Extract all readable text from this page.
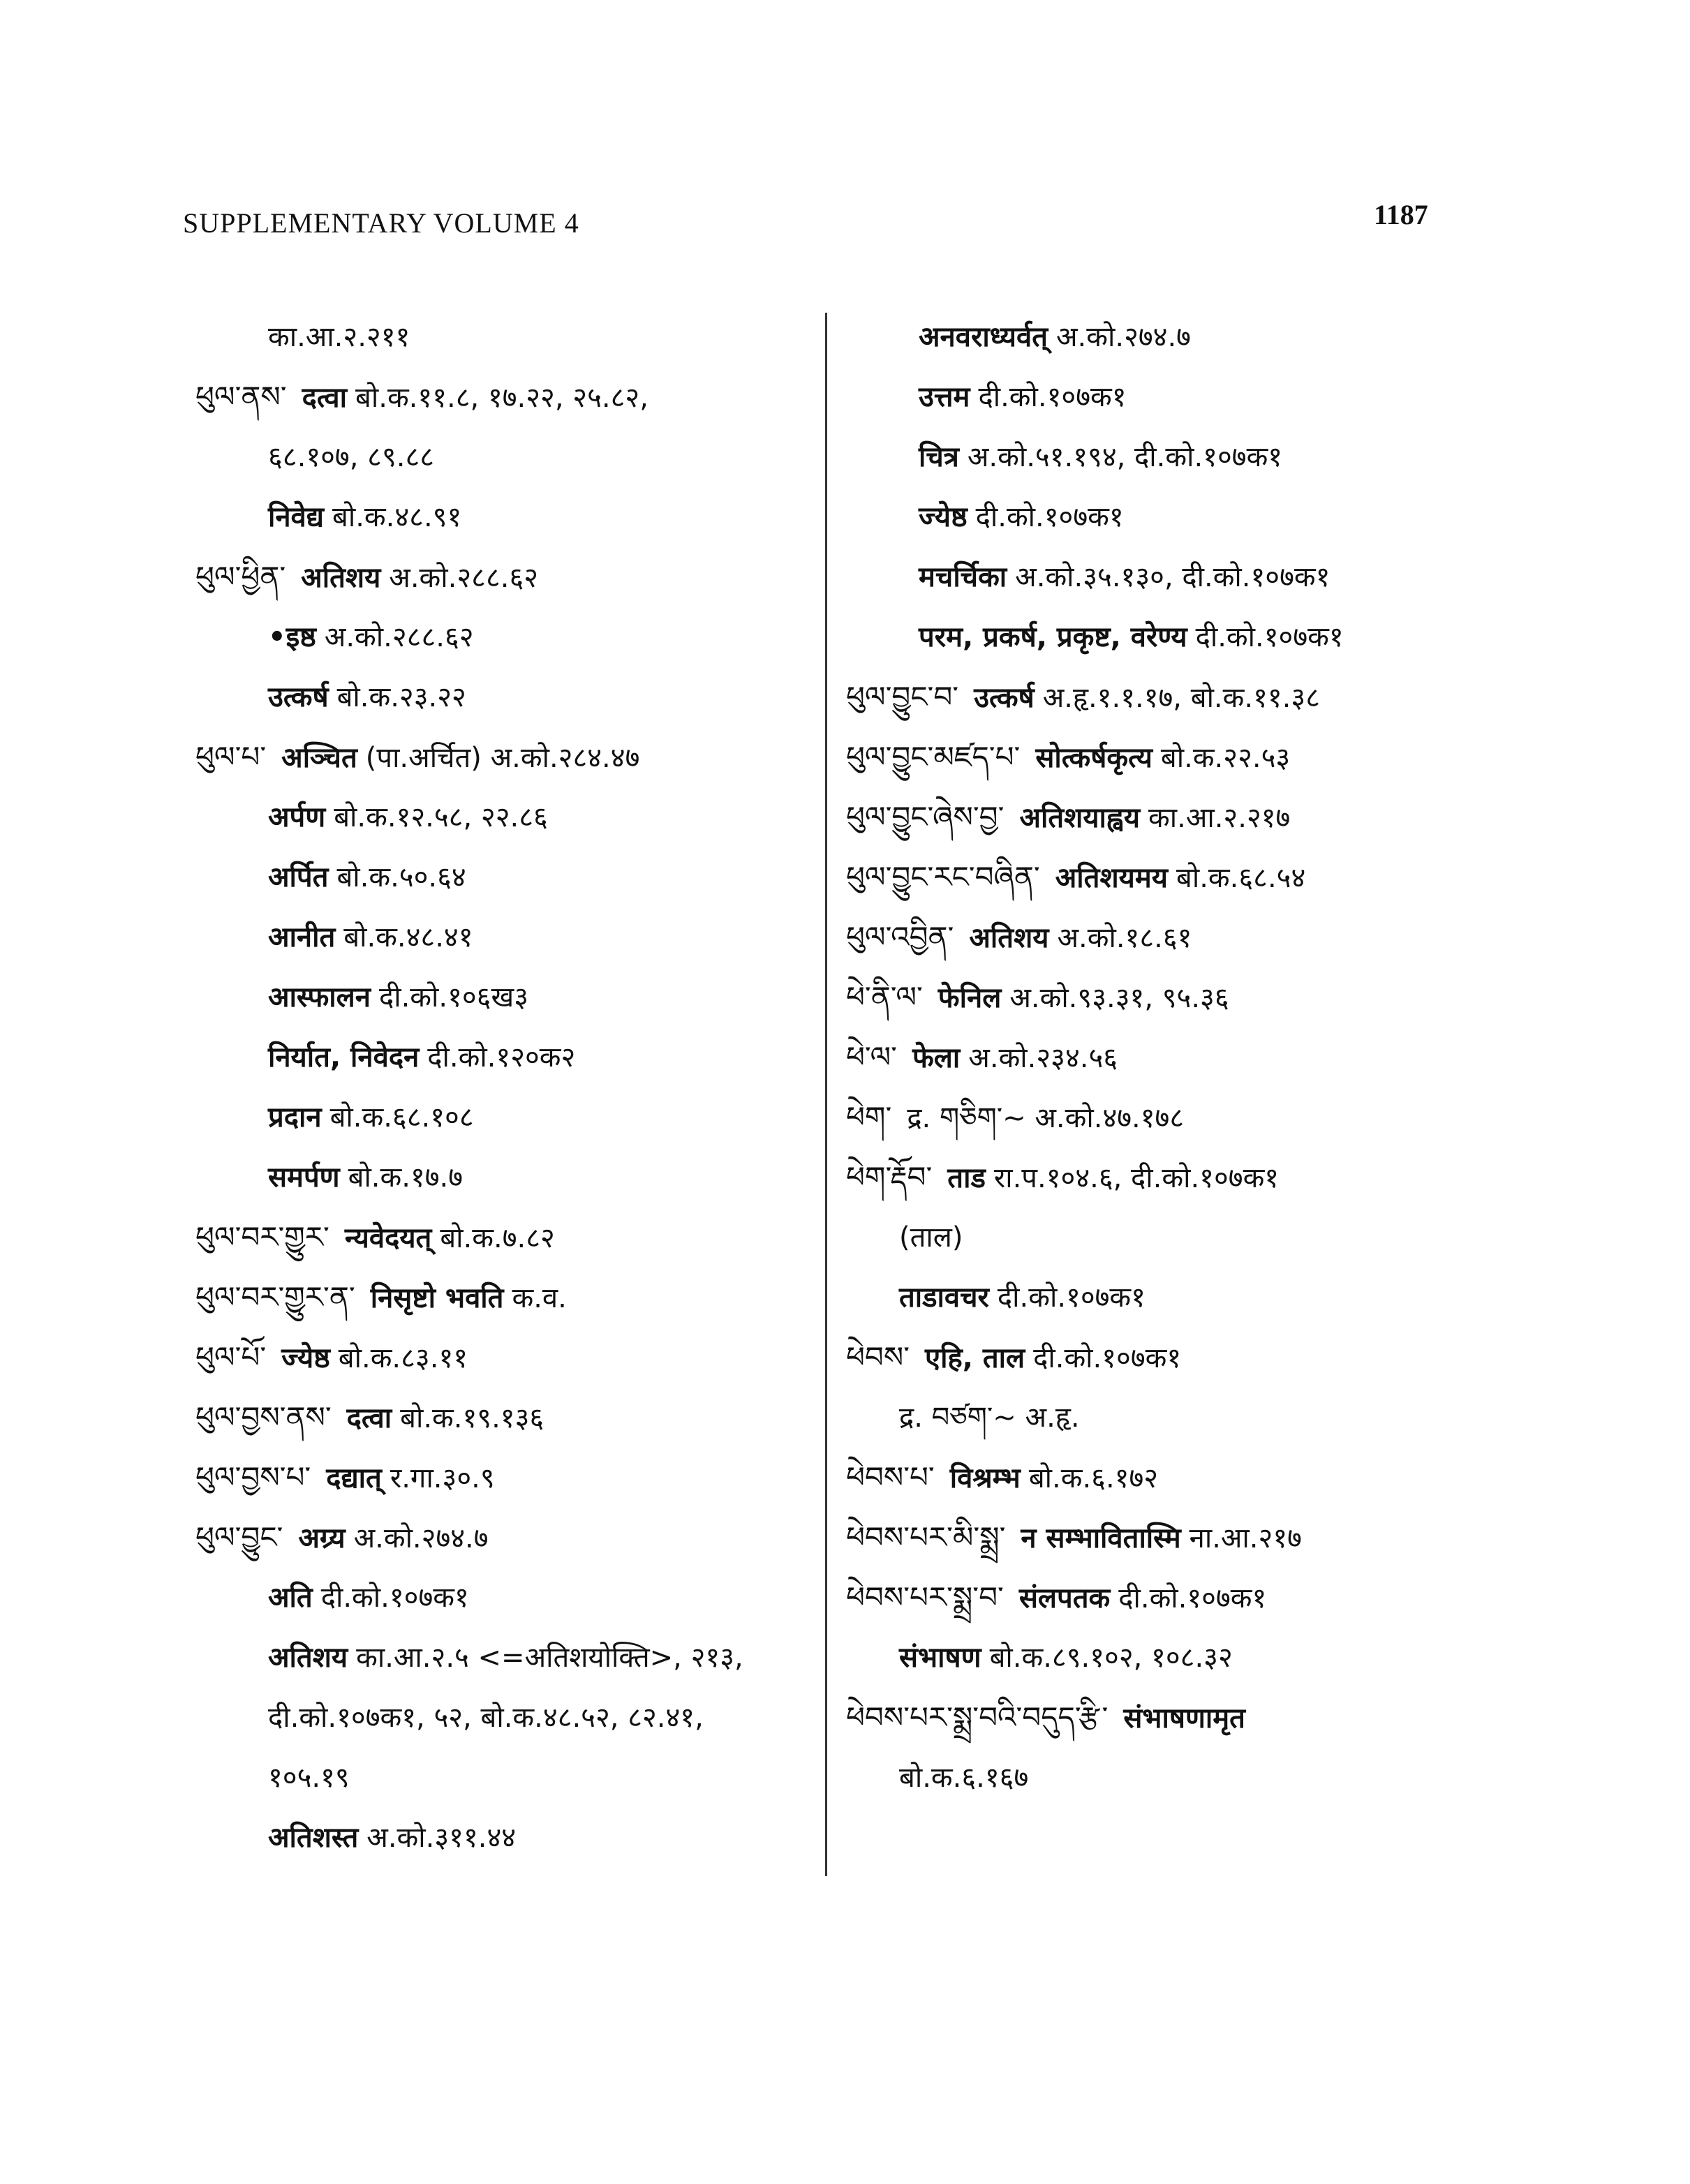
SUPPLEMENTARY VOLUME 4	1187
का.आ.२.२११
ཕུལ་ནས་ दत्वा बो.क.११.८, १७.२२, २५.८२,
६८.१०७, ८९.८८
निवेद्य बो.क.४८.९१
ཕུལ་ཕྱིན་ अतिशय अ.को.२८८.६२
•इष्ठ अ.को.२८८.६२
उत्कर्ष बो.क.२३.२२
ཕུལ་པ་ अञ्चित (पा.अर्चित) अ.को.२८४.४७
अर्पण बो.क.१२.५८, २२.८६
अर्पित बो.क.५०.६४
आनीत बो.क.४८.४१
आस्फालन दी.को.१०६ख३
निर्यात, निवेदन दी.को.१२०क२
प्रदान बो.क.६८.१०८
समर्पण बो.क.१७.७
ཕུལ་བར་གྱུར་ न्यवेदयत् बो.क.७.८२
ཕུལ་བར་གྱུར་ན་ निसृष्टो भवति क.व.
ཕུལ་པོ་ ज्येष्ठ बो.क.८३.११
ཕུལ་བྱས་ནས་ दत्वा बो.क.१९.१३६
ཕུལ་བྱས་པ་ दद्यात् र.गा.३०.९
ཕུལ་བྱུང་ अग्र्य अ.को.२७४.७
अति दी.को.१०७क१
अतिशय का.आ.२.५ <=अतिशयोक्ति>, २१३,
दी.को.१०७क१, ५२, बो.क.४८.५२, ८२.४१,
१०५.१९
अतिशस्त अ.को.३११.४४
अनवराध्यर्वत् अ.को.२७४.७
उत्तम दी.को.१०७क१
चित्र अ.को.५१.१९४, दी.को.१०७क१
ज्येष्ठ दी.को.१०७क१
मचर्चिका अ.को.३५.१३०, दी.को.१०७क१
परम, प्रकर्ष, प्रकृष्ट, वरेण्य दी.को.१०७क१
ཕུལ་བྱུང་བ་ उत्कर्ष अ.हृ.१.१.१७, बो.क.११.३८
ཕུལ་བྱུང་མཛད་པ་ सोत्कर्षकृत्य बो.क.२२.५३
ཕུལ་བྱུང་ཞེས་བྱ་ अतिशयाह्वय का.आ.२.२१७
ཕུལ་བྱུང་རང་བཞིན་ अतिशयमय बो.क.६८.५४
ཕུལ་འབྱིན་ अतिशय अ.को.१८.६१
ཕེ་ནི་ལ་ फेनिल अ.को.९३.३१, ९५.३६
ཕེ་ལ་ फेला अ.को.२३४.५६
ཕེག་ द्र. གཅིག་~ अ.को.४७.१७८
ཕེག་རྡོབ་ ताड रा.प.१०४.६, दी.को.१०७क१
(ताल)
ताडावचर दी.को.१०७क१
ཕེབས་ एहि, ताल दी.को.१०७क१
द्र. བཙག་~ अ.हृ.
ཕེབས་པ་ विश्रम्भ बो.क.६.१७२
ཕེབས་པར་མི་སྨྲ་ न सम्भावितास्मि ना.आ.२१७
ཕེབས་པར་སྨྲ་བ་ संलपतक दी.को.१०७क१
संभाषण बो.क.८९.१०२, १०८.३२
ཕེབས་པར་སྨྲ་བའི་བདུད་རྩི་ संभाषणामृत
बो.क.६.१६७
